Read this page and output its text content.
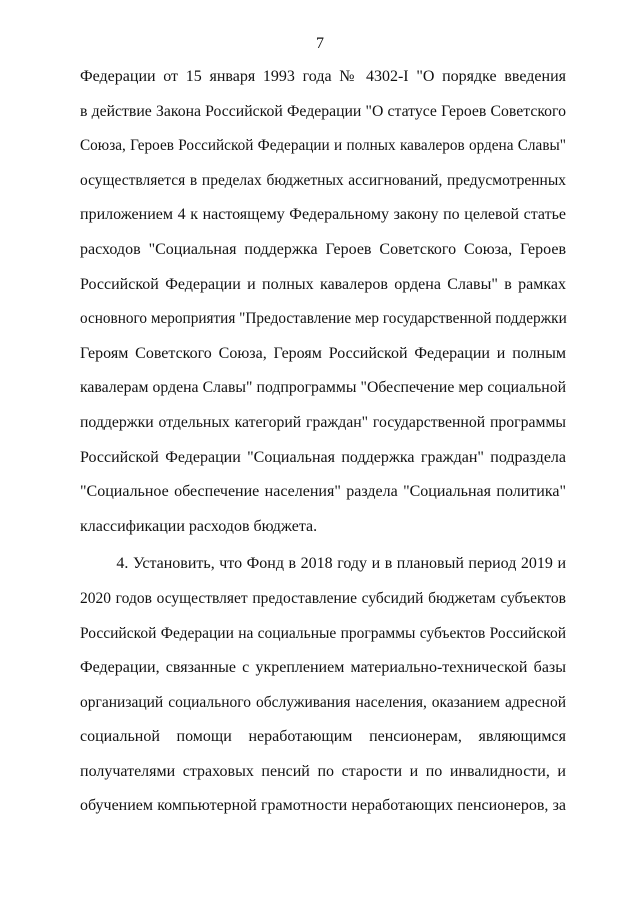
7
Федерации от 15 января 1993 года № 4302-I "О порядке введения
в действие Закона Российской Федерации "О статусе Героев Советского
Союза, Героев Российской Федерации и полных кавалеров ордена Славы"
осуществляется в пределах бюджетных ассигнований, предусмотренных
приложением 4 к настоящему Федеральному закону по целевой статье
расходов "Социальная поддержка Героев Советского Союза, Героев
Российской Федерации и полных кавалеров ордена Славы" в рамках
основного мероприятия "Предоставление мер государственной поддержки
Героям Советского Союза, Героям Российской Федерации и полным
кавалерам ордена Славы" подпрограммы "Обеспечение мер социальной
поддержки отдельных категорий граждан" государственной программы
Российской Федерации "Социальная поддержка граждан" подраздела
"Социальное обеспечение населения" раздела "Социальная политика"
классификации расходов бюджета.
4. Установить, что Фонд в 2018 году и в плановый период 2019 и
2020 годов осуществляет предоставление субсидий бюджетам субъектов
Российской Федерации на социальные программы субъектов Российской
Федерации, связанные с укреплением материально-технической базы
организаций социального обслуживания населения, оказанием адресной
социальной помощи неработающим пенсионерам, являющимся
получателями страховых пенсий по старости и по инвалидности, и
обучением компьютерной грамотности неработающих пенсионеров, за
